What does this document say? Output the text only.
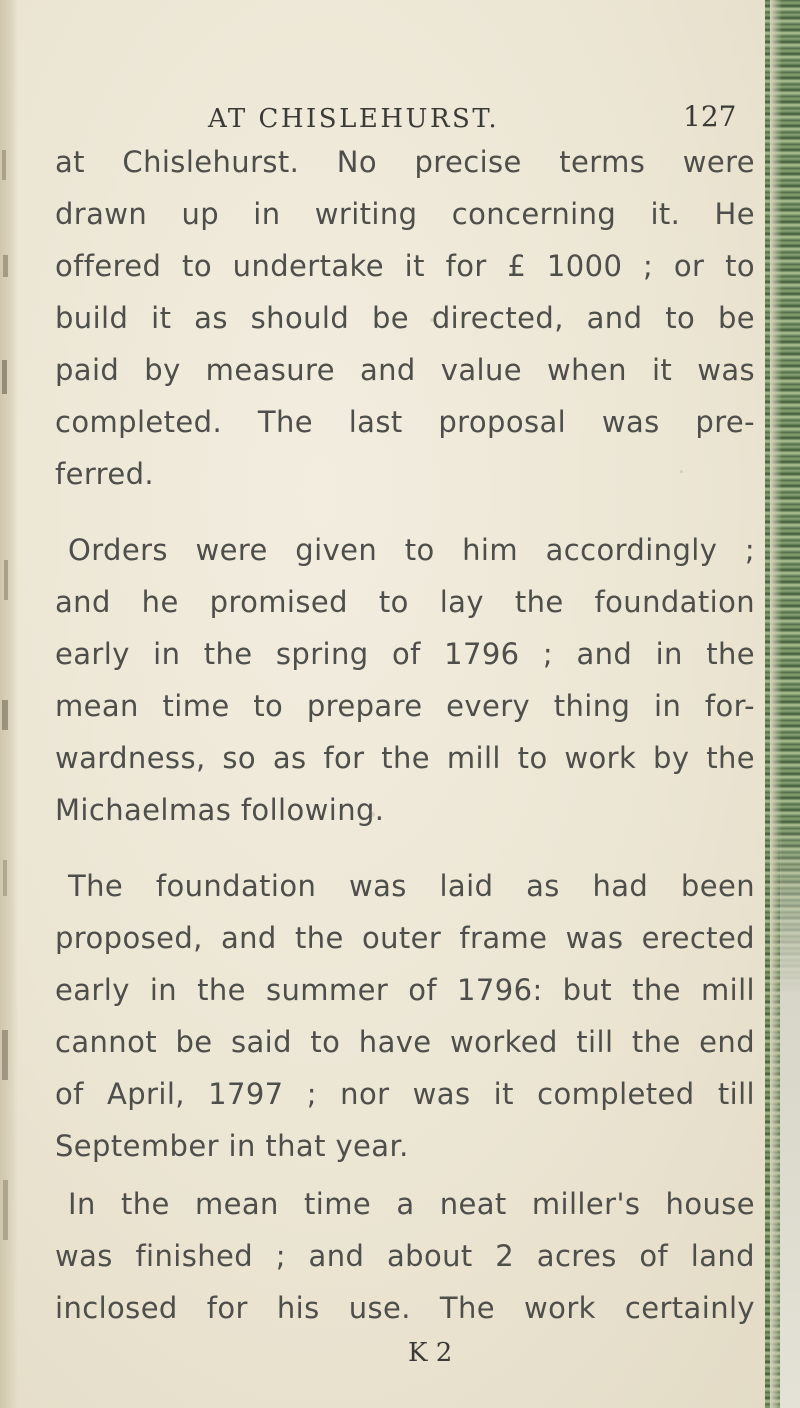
AT CHISLEHURST.	127
at Chislehurst. No precise terms were
drawn up in writing concerning it. He
offered to undertake it for £ 1000 ; or to
build it as should be directed, and to be
paid by measure and value when it was
completed. The last proposal was pre-
ferred.
Orders were given to him accordingly ;
and he promised to lay the foundation
early in the spring of 1796 ; and in the
mean time to prepare every thing in for-
wardness, so as for the mill to work by the
Michaelmas following.
The foundation was laid as had been
proposed, and the outer frame was erected
early in the summer of 1796: but the mill
cannot be said to have worked till the end
of April, 1797 ; nor was it completed till
September in that year.
In the mean time a neat miller's house
was finished ; and about 2 acres of land
inclosed for his use. The work certainly
K 2
